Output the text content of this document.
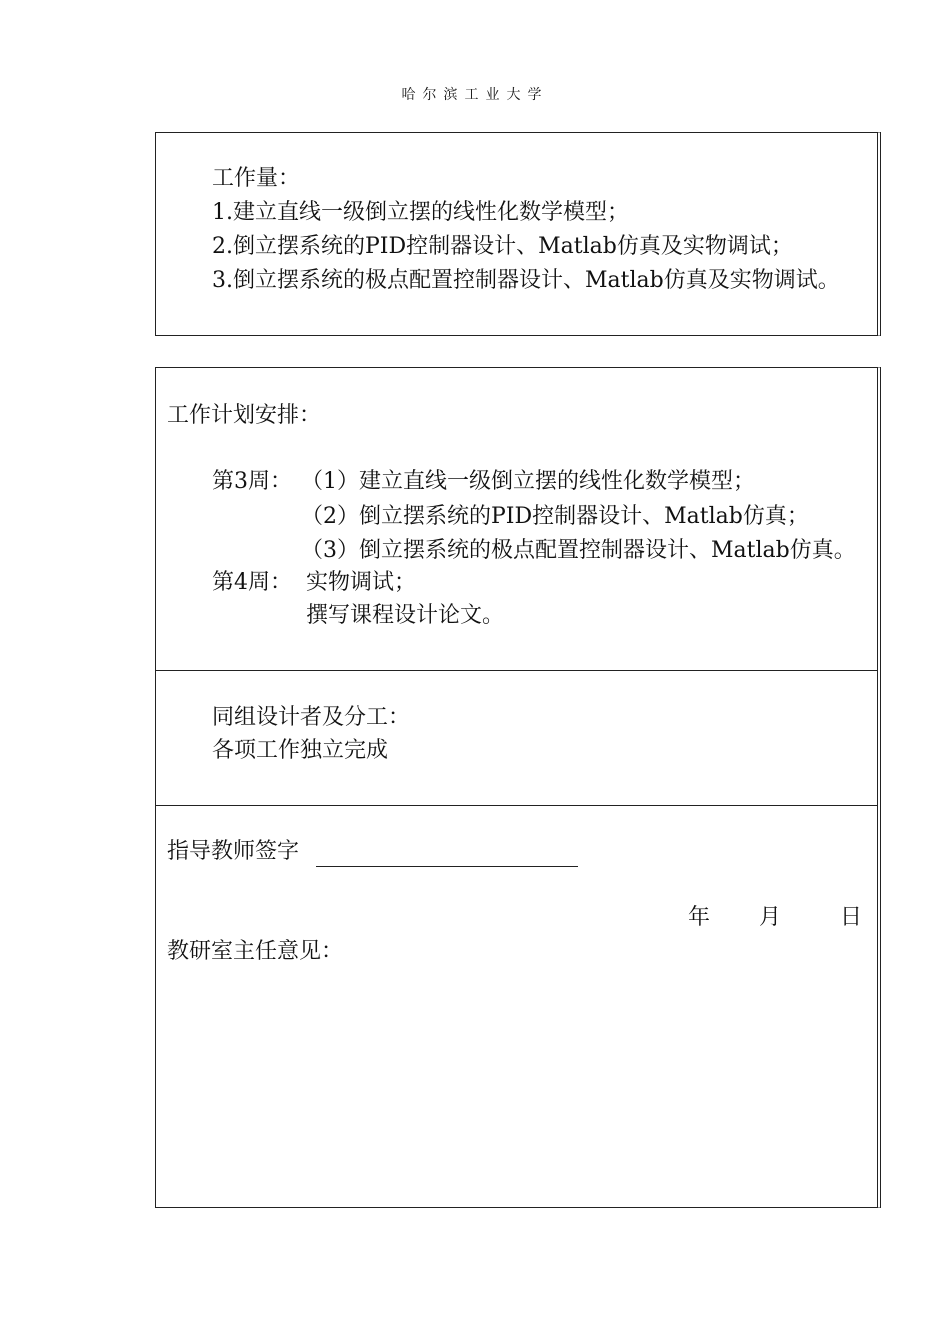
哈尔滨工业大学
工作量：
1.建立直线一级倒立摆的线性化数学模型；
2.倒立摆系统的PID控制器设计、Matlab仿真及实物调试；
3.倒立摆系统的极点配置控制器设计、Matlab仿真及实物调试。
工作计划安排：
第3周： （1）建立直线一级倒立摆的线性化数学模型；
（2）倒立摆系统的PID控制器设计、Matlab仿真；
（3）倒立摆系统的极点配置控制器设计、Matlab仿真。
第4周： 实物调试；
撰写课程设计论文。
同组设计者及分工：
各项工作独立完成
指导教师签字
年 月	日
教研室主任意见：
